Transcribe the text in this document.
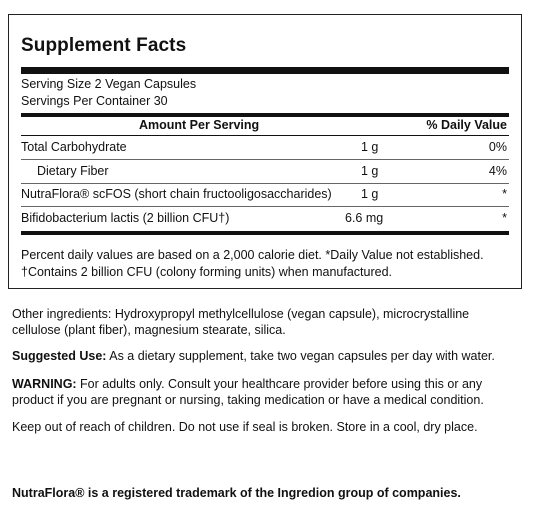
Supplement Facts
Serving Size 2 Vegan Capsules
Servings Per Container 30
Amount Per Serving	% Daily Value
Total Carbohydrate	1 g	0%
Dietary Fiber	1 g	4%
NutraFlora® scFOS (short chain fructooligosaccharides) 1 g	*
Bifidobacterium lactis (2 billion CFU†)	6.6 mg	*
Percent daily values are based on a 2,000 calorie diet. *Daily Value not established.
†Contains 2 billion CFU (colony forming units) when manufactured.
Other ingredients: Hydroxypropyl methylcellulose (vegan capsule), microcrystalline
cellulose (plant fiber), magnesium stearate, silica.
Suggested Use: As a dietary supplement, take two vegan capsules per day with water.
WARNING: For adults only. Consult your healthcare provider before using this or any
product if you are pregnant or nursing, taking medication or have a medical condition.
Keep out of reach of children. Do not use if seal is broken. Store in a cool, dry place.
NutraFlora® is a registered trademark of the Ingredion group of companies.
